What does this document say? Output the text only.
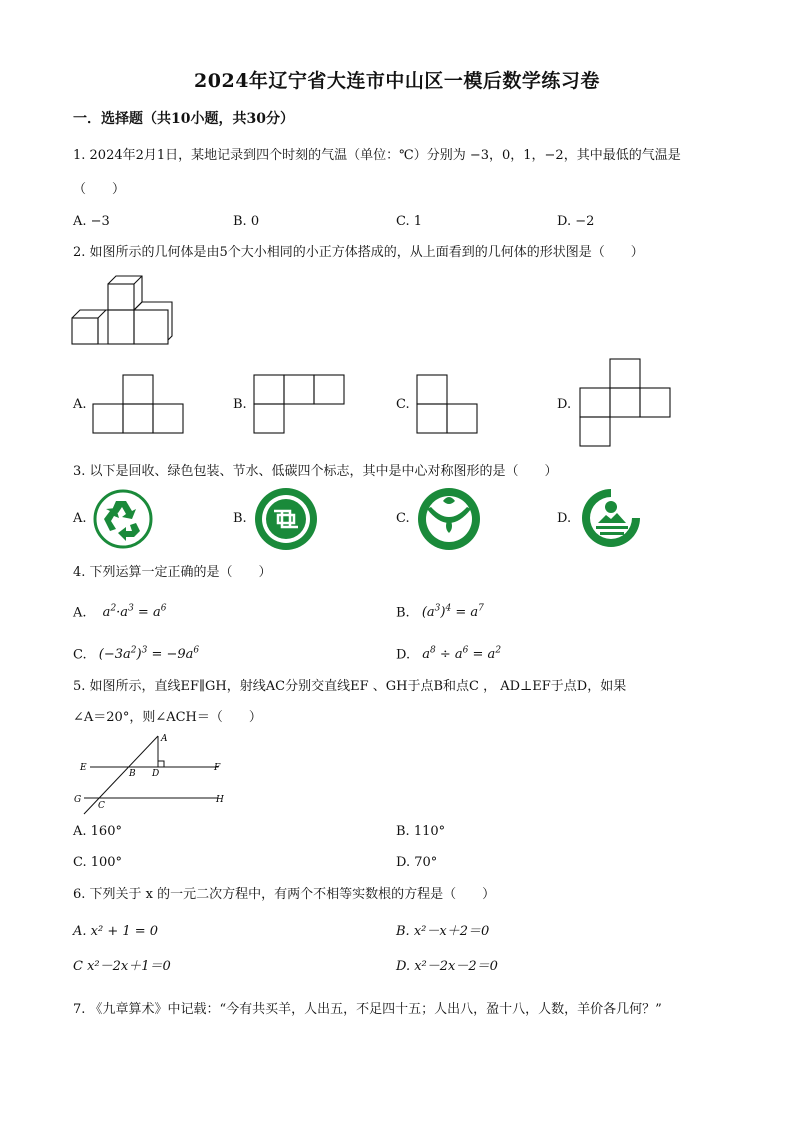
2024年辽宁省大连市中山区一模后数学练习卷
一．选择题（共10小题，共30分）
1. 2024年2月1日，某地记录到四个时刻的气温（单位：℃）分别为 −3，0，1，−2，其中最低的气温是
（　　）
A. −3	B. 0	C. 1	D. −2
2. 如图所示的几何体是由5个大小相同的小正方体搭成的，从上面看到的几何体的形状图是（　　）
A.	B.	C.	D.
3. 以下是回收、绿色包装、节水、低碳四个标志，其中是中心对称图形的是（　　）
A.	B.	C.	D.
4. 下列运算一定正确的是（　　）
A. $a^2\cdot a^3 = a^6$	B. $(a^3)^4 = a^7$
C. $(-3a^2)^3 = -9a^6$	D. $a^8 \div a^6 = a^2$
5. 如图所示，直线EF∥GH，射线AC分别交直线EF 、GH于点B和点C ， AD⊥EF于点D，如果
∠A＝20°，则∠ACH＝（　　）
A
B D
E	F
G	H
C
A. 160°	B. 110°
C. 100°	D. 70°
6. 下列关于 x 的一元二次方程中，有两个不相等实数根的方程是（　　）
A. x² + 1 = 0	B. x²－x＋2＝0
C x²－2x＋1＝0	D. x²－2x－2＝0
7. 《九章算术》中记载：“今有共买羊，人出五，不足四十五；人出八，盈十八，人数，羊价各几何？”
